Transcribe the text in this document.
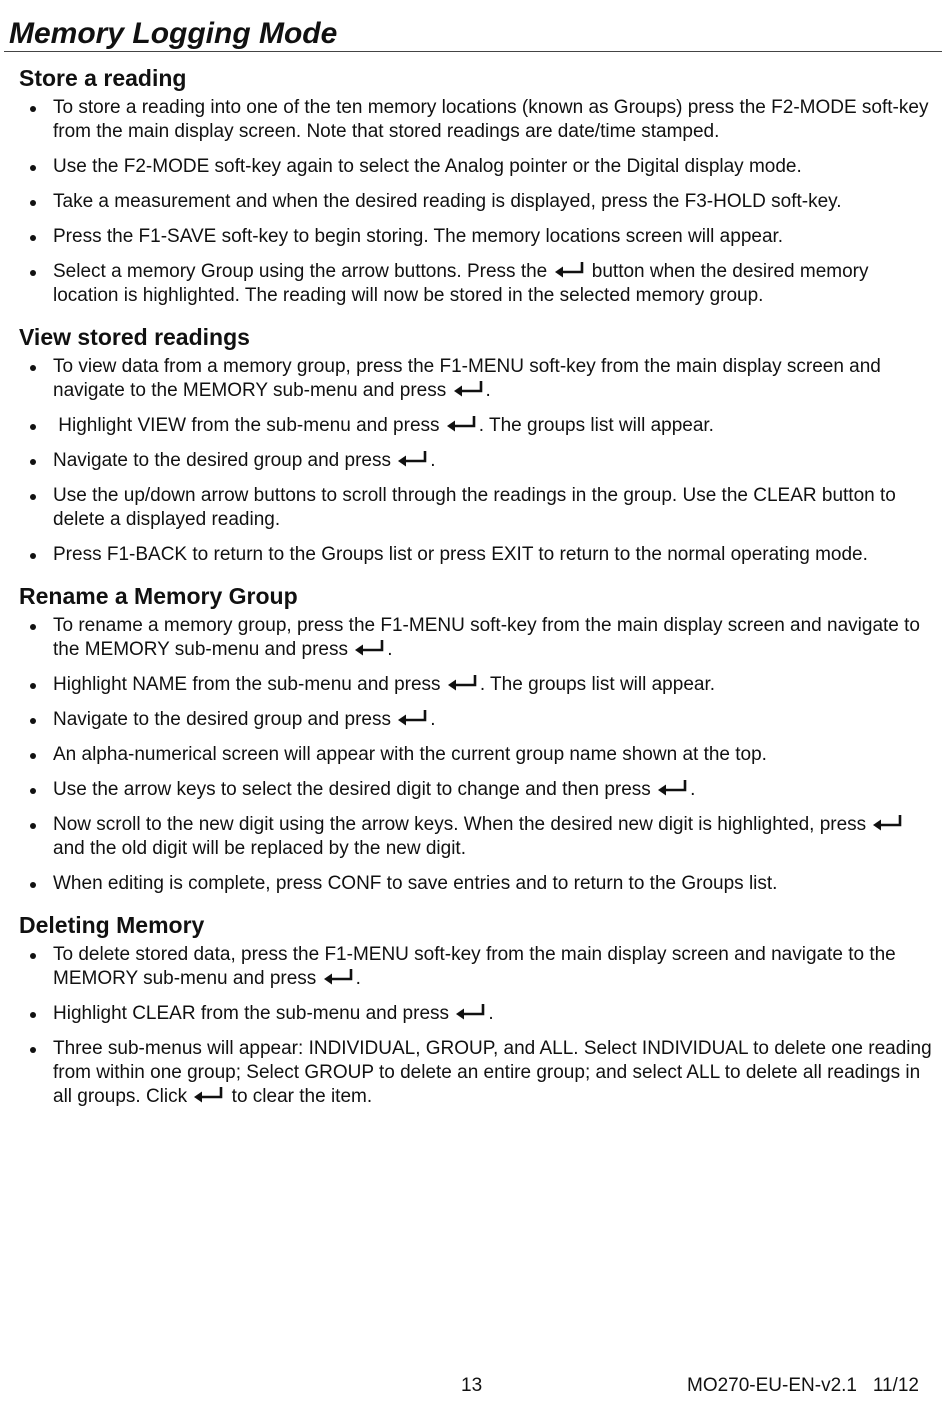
Memory Logging Mode
Store a reading
To store a reading into one of the ten memory locations (known as Groups) press the F2-MODE soft-key from the main display screen. Note that stored readings are date/time stamped.
Use the F2-MODE soft-key again to select the Analog pointer or the Digital display mode.
Take a measurement and when the desired reading is displayed, press the F3-HOLD soft-key.
Press the F1-SAVE soft-key to begin storing. The memory locations screen will appear.
Select a memory Group using the arrow buttons. Press the
button when the desired memory location is highlighted. The reading will now be stored in the selected memory group.
View stored readings
To view data from a memory group, press the F1-MENU soft-key from the main display screen and navigate to the MEMORY sub-menu and press
.
Highlight VIEW from the sub-menu and press
. The groups list will appear.
Navigate to the desired group and press
.
Use the up/down arrow buttons to scroll through the readings in the group. Use the CLEAR button to delete a displayed reading.
Press F1-BACK to return to the Groups list or press EXIT to return to the normal operating mode.
Rename a Memory Group
To rename a memory group, press the F1-MENU soft-key from the main display screen and navigate to the MEMORY sub-menu and press
.
Highlight NAME from the sub-menu and press
. The groups list will appear.
Navigate to the desired group and press
.
An alpha-numerical screen will appear with the current group name shown at the top.
Use the arrow keys to select the desired digit to change and then press
.
Now scroll to the new digit using the arrow keys. When the desired new digit is highlighted, press
and the old digit will be replaced by the new digit.
When editing is complete, press CONF to save entries and to return to the Groups list.
Deleting Memory
To delete stored data, press the F1-MENU soft-key from the main display screen and navigate to the MEMORY sub-menu and press
.
Highlight CLEAR from the sub-menu and press
.
Three sub-menus will appear: INDIVIDUAL, GROUP, and ALL. Select INDIVIDUAL to delete one reading from within one group; Select GROUP to delete an entire group; and select ALL to delete all readings in all groups. Click
to clear the item.
13	MO270-EU-EN-v2.1   11/12
